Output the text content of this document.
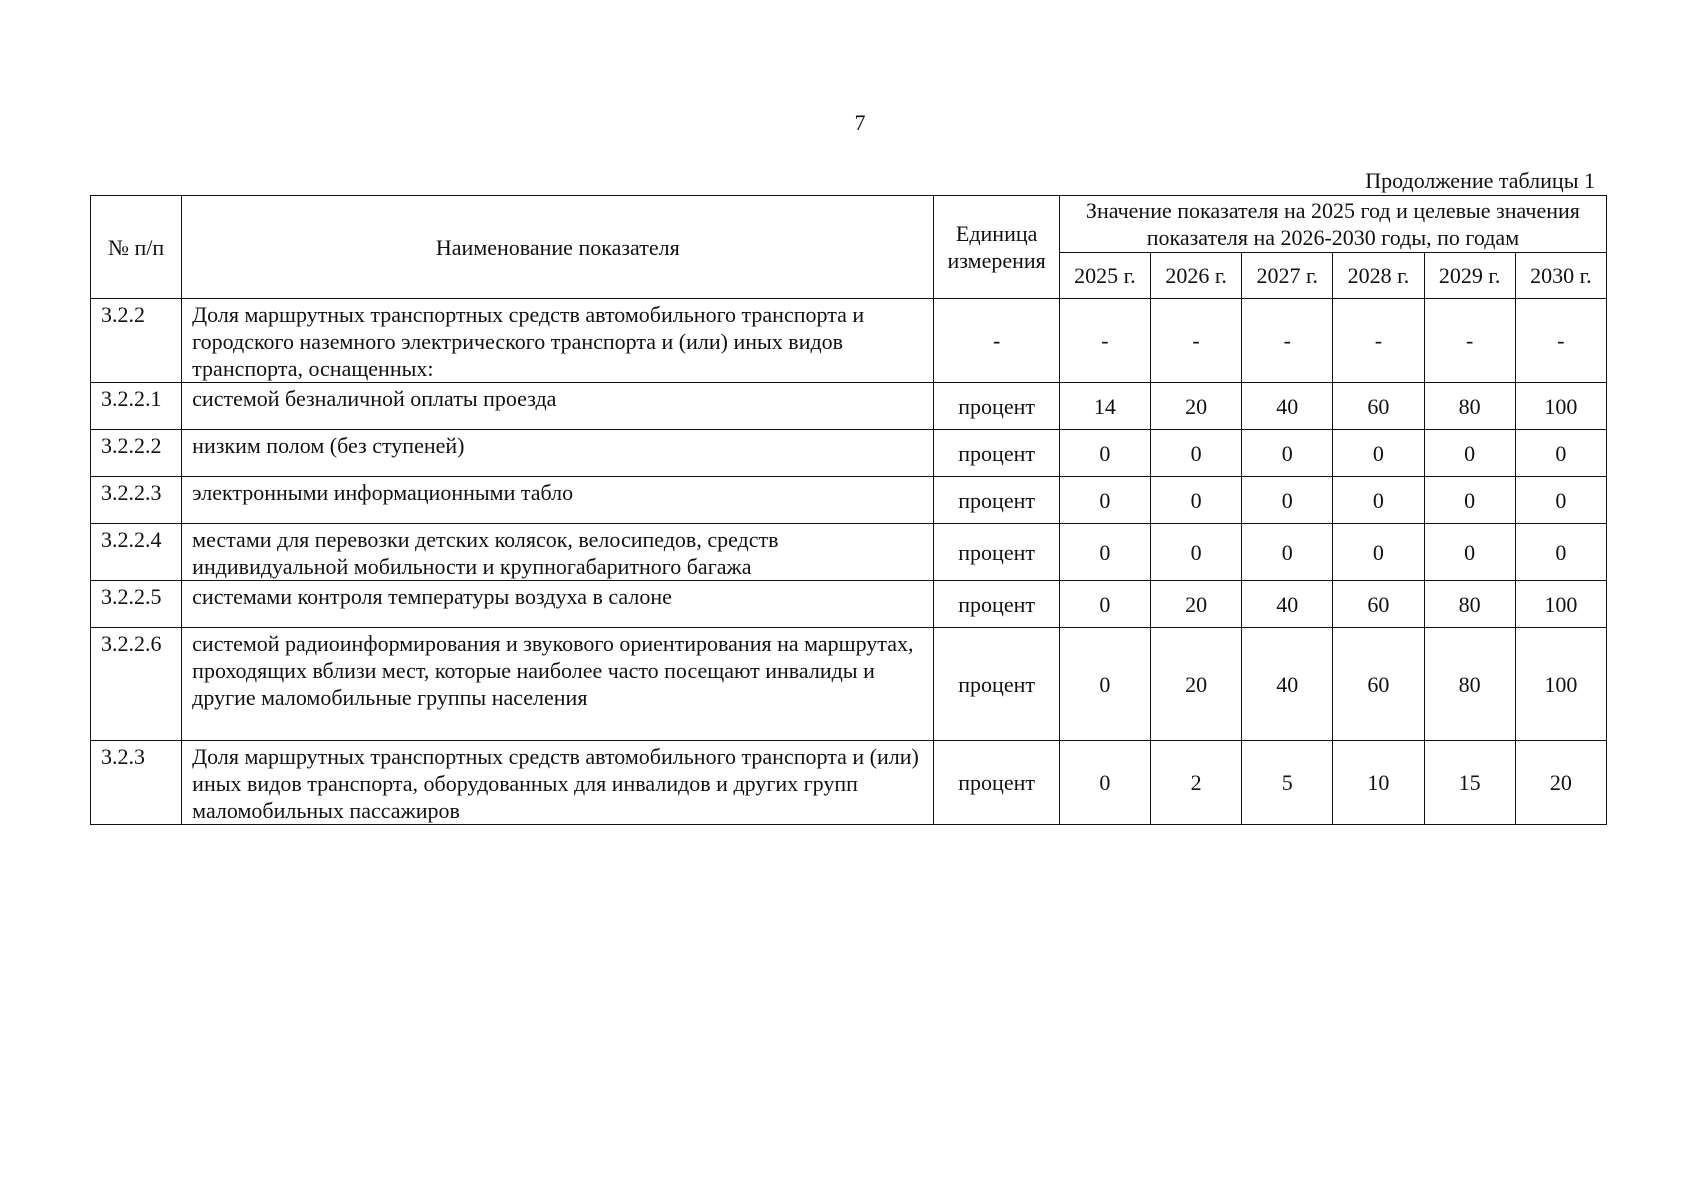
7
Продолжение таблицы 1
№ п/п	Наименование показателя	Единица измерения	Значение показателя на 2025 год и целевые значения показателя на 2026-2030 годы, по годам					
			2025 г.	2026 г.	2027 г.	2028 г.	2029 г.	2030 г.
3.2.2	Доля маршрутных транспортных средств автомобильного транспорта и городского наземного электрического транспорта и (или) иных видов транспорта, оснащенных:	-	-	-	-	-	-	-
3.2.2.1	системой безналичной оплаты проезда	процент	14	20	40	60	80	100
3.2.2.2	низким полом (без ступеней)	процент	0	0	0	0	0	0
3.2.2.3	электронными информационными табло	процент	0	0	0	0	0	0
3.2.2.4	местами для перевозки детских колясок, велосипедов, средств индивидуальной мобильности и крупногабаритного багажа	процент	0	0	0	0	0	0
3.2.2.5	системами контроля температуры воздуха в салоне	процент	0	20	40	60	80	100
3.2.2.6	системой радиоинформирования и звукового ориентирования на маршрутах, проходящих вблизи мест, которые наиболее часто посещают инвалиды и другие маломобильные группы населения	процент	0	20	40	60	80	100
3.2.3	Доля маршрутных транспортных средств автомобильного транспорта и (или) иных видов транспорта, оборудованных для инвалидов и других групп маломобильных пассажиров	процент	0	2	5	10	15	20
